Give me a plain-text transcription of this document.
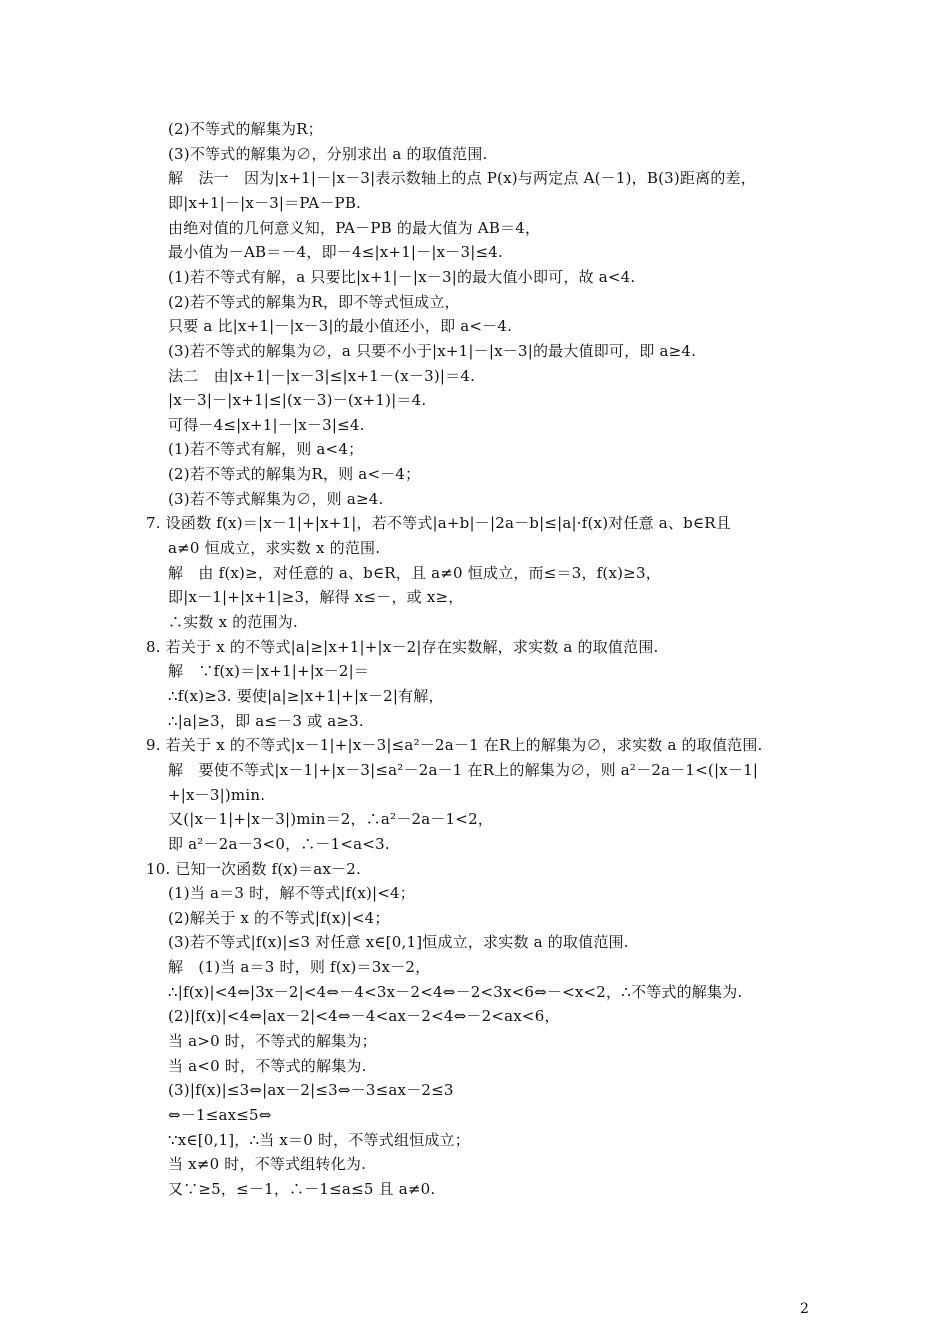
2
(2)不等式的解集为R；
(3)不等式的解集为∅，分别求出 a 的取值范围.
解　法一　因为|x+1|－|x－3|表示数轴上的点 P(x)与两定点 A(－1)，B(3)距离的差，
即|x+1|－|x－3|＝PA－PB.
由绝对值的几何意义知，PA－PB 的最大值为 AB＝4，
最小值为－AB＝－4，即－4≤|x+1|－|x－3|≤4.
(1)若不等式有解，a 只要比|x+1|－|x－3|的最大值小即可，故 a<4.
(2)若不等式的解集为R，即不等式恒成立，
只要 a 比|x+1|－|x－3|的最小值还小，即 a<－4.
(3)若不等式的解集为∅，a 只要不小于|x+1|－|x－3|的最大值即可，即 a≥4.
法二　由|x+1|－|x－3|≤|x+1－(x－3)|＝4.
|x－3|－|x+1|≤|(x－3)－(x+1)|＝4.
可得－4≤|x+1|－|x－3|≤4.
(1)若不等式有解，则 a<4；
(2)若不等式的解集为R，则 a<－4；
(3)若不等式解集为∅，则 a≥4.
7. 设函数 f(x)＝|x－1|+|x+1|，若不等式|a+b|－|2a－b|≤|a|·f(x)对任意 a、b∈R且
a≠0 恒成立，求实数 x 的范围.
解　由 f(x)≥，对任意的 a、b∈R，且 a≠0 恒成立，而≤＝3，f(x)≥3，
即|x－1|+|x+1|≥3，解得 x≤－，或 x≥，
∴实数 x 的范围为.
8. 若关于 x 的不等式|a|≥|x+1|+|x－2|存在实数解，求实数 a 的取值范围.
解　∵f(x)＝|x+1|+|x－2|＝
∴f(x)≥3. 要使|a|≥|x+1|+|x－2|有解，
∴|a|≥3，即 a≤－3 或 a≥3.
9. 若关于 x 的不等式|x－1|+|x－3|≤a²－2a－1 在R上的解集为∅，求实数 a 的取值范围.
解　要使不等式|x－1|+|x－3|≤a²－2a－1 在R上的解集为∅，则 a²－2a－1<(|x－1|
+|x－3|)min.
又(|x－1|+|x－3|)min＝2，∴a²－2a－1<2，
即 a²－2a－3<0，∴－1<a<3.
10. 已知一次函数 f(x)＝ax－2.
(1)当 a＝3 时，解不等式|f(x)|<4；
(2)解关于 x 的不等式|f(x)|<4；
(3)若不等式|f(x)|≤3 对任意 x∈[0,1]恒成立，求实数 a 的取值范围.
解　(1)当 a＝3 时，则 f(x)＝3x－2，
∴|f(x)|<4⇔|3x－2|<4⇔－4<3x－2<4⇔－2<3x<6⇔－<x<2，∴不等式的解集为.
(2)|f(x)|<4⇔|ax－2|<4⇔－4<ax－2<4⇔－2<ax<6，
当 a>0 时，不等式的解集为；
当 a<0 时，不等式的解集为.
(3)|f(x)|≤3⇔|ax－2|≤3⇔－3≤ax－2≤3
⇔－1≤ax≤5⇔
∵x∈[0,1]，∴当 x＝0 时，不等式组恒成立；
当 x≠0 时，不等式组转化为.
又∵≥5，≤－1，∴－1≤a≤5 且 a≠0.
